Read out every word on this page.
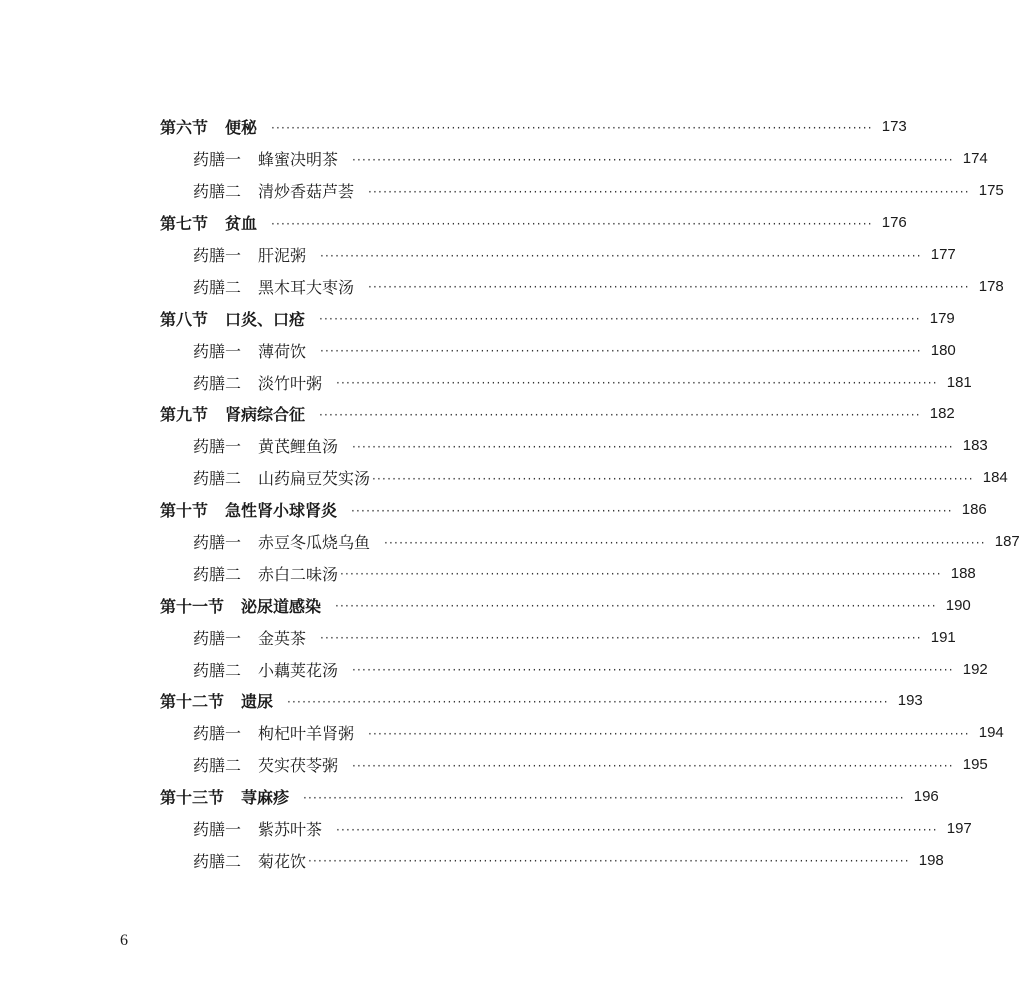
第六节 便秘 ························································································································ 173
药膳一 蜂蜜决明茶 ························································································································ 174
药膳二 清炒香菇芦荟 ························································································································ 175
第七节 贫血 ························································································································ 176
药膳一 肝泥粥 ························································································································ 177
药膳二 黑木耳大枣汤 ························································································································ 178
第八节 口炎、口疮 ························································································································ 179
药膳一 薄荷饮 ························································································································ 180
药膳二 淡竹叶粥 ························································································································ 181
第九节 肾病综合征 ························································································································ 182
药膳一 黄芪鲤鱼汤 ························································································································ 183
药膳二 山药扁豆芡实汤 ························································································································ 184
第十节 急性肾小球肾炎 ························································································································ 186
药膳一 赤豆冬瓜烧乌鱼 ························································································································ 187
药膳二 赤白二味汤 ························································································································ 188
第十一节 泌尿道感染 ························································································································ 190
药膳一 金英茶 ························································································································ 191
药膳二 小藕荚花汤 ························································································································ 192
第十二节 遗尿 ························································································································ 193
药膳一 枸杞叶羊肾粥 ························································································································ 194
药膳二 芡实茯苓粥 ························································································································ 195
第十三节 荨麻疹 ························································································································ 196
药膳一 紫苏叶茶 ························································································································ 197
药膳二 菊花饮 ························································································································ 198
6
